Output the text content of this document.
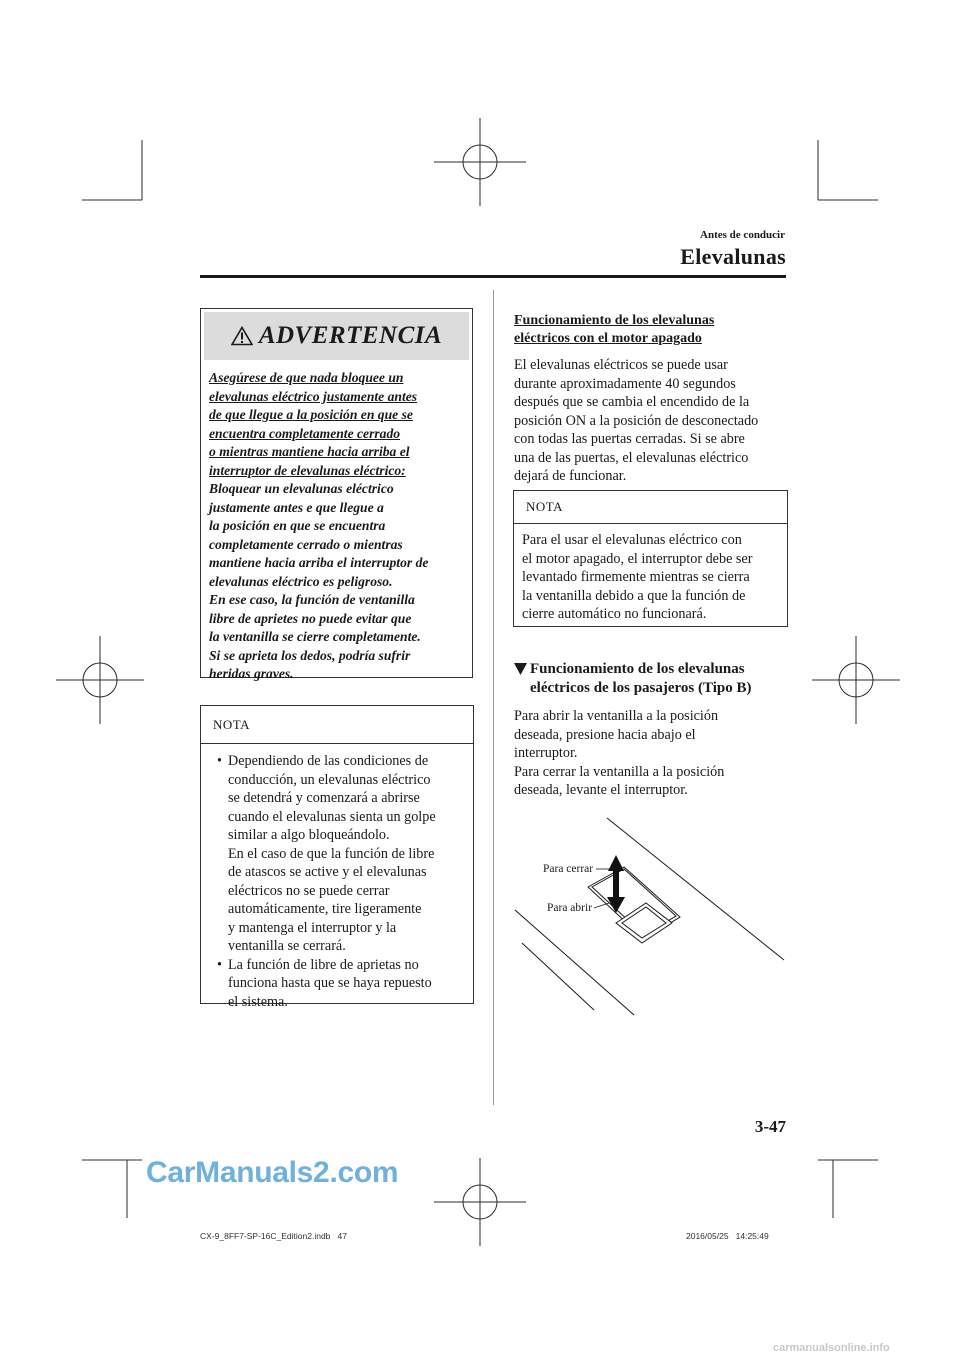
Antes de conducir
Elevalunas
ADVERTENCIA

Asegúrese de que nada bloquee un

elevalunas eléctrico justamente antes

de que llegue a la posición en que se

encuentra completamente cerrado

o mientras mantiene hacia arriba el

interruptor de elevalunas eléctrico:

Bloquear un elevalunas eléctrico

justamente antes e que llegue a

la posición en que se encuentra

completamente cerrado o mientras

mantiene hacia arriba el interruptor de

elevalunas eléctrico es peligroso.

En ese caso, la función de ventanilla

libre de aprietes no puede evitar que

la ventanilla se cierre completamente.

Si se aprieta los dedos, podría sufrir

heridas graves.

NOTA
• Dependiendo de las condiciones de
conducción, un elevalunas eléctrico
se detendrá y comenzará a abrirse
cuando el elevalunas sienta un golpe
similar a algo bloqueándolo.
En el caso de que la función de libre
de atascos se active y el elevalunas
eléctricos no se puede cerrar
automáticamente, tire ligeramente
y mantenga el interruptor y la
ventanilla se cerrará.
• La función de libre de aprietas no
funciona hasta que se haya repuesto
el sistema.
Funcionamiento de los elevalunas
eléctricos con el motor apagado
El elevalunas eléctricos se puede usar
durante aproximadamente 40 segundos
después que se cambia el encendido de la
posición ON a la posición de desconectado
con todas las puertas cerradas. Si se abre
una de las puertas, el elevalunas eléctrico
dejará de funcionar.
NOTA
Para el usar el elevalunas eléctrico con
el motor apagado, el interruptor debe ser
levantado firmemente mientras se cierra
la ventanilla debido a que la función de
cierre automático no funcionará.
Funcionamiento de los elevalunas
eléctricos de los pasajeros (Tipo B)
Para abrir la ventanilla a la posición
deseada, presione hacia abajo el
interruptor.
Para cerrar la ventanilla a la posición
deseada, levante el interruptor.
Para cerrar
Para abrir
3-47
CX-9_8FF7-SP-16C_Edition2.indb   47	2016/05/25   14:25:49
CarManuals2.com
carmanualsonline.info
